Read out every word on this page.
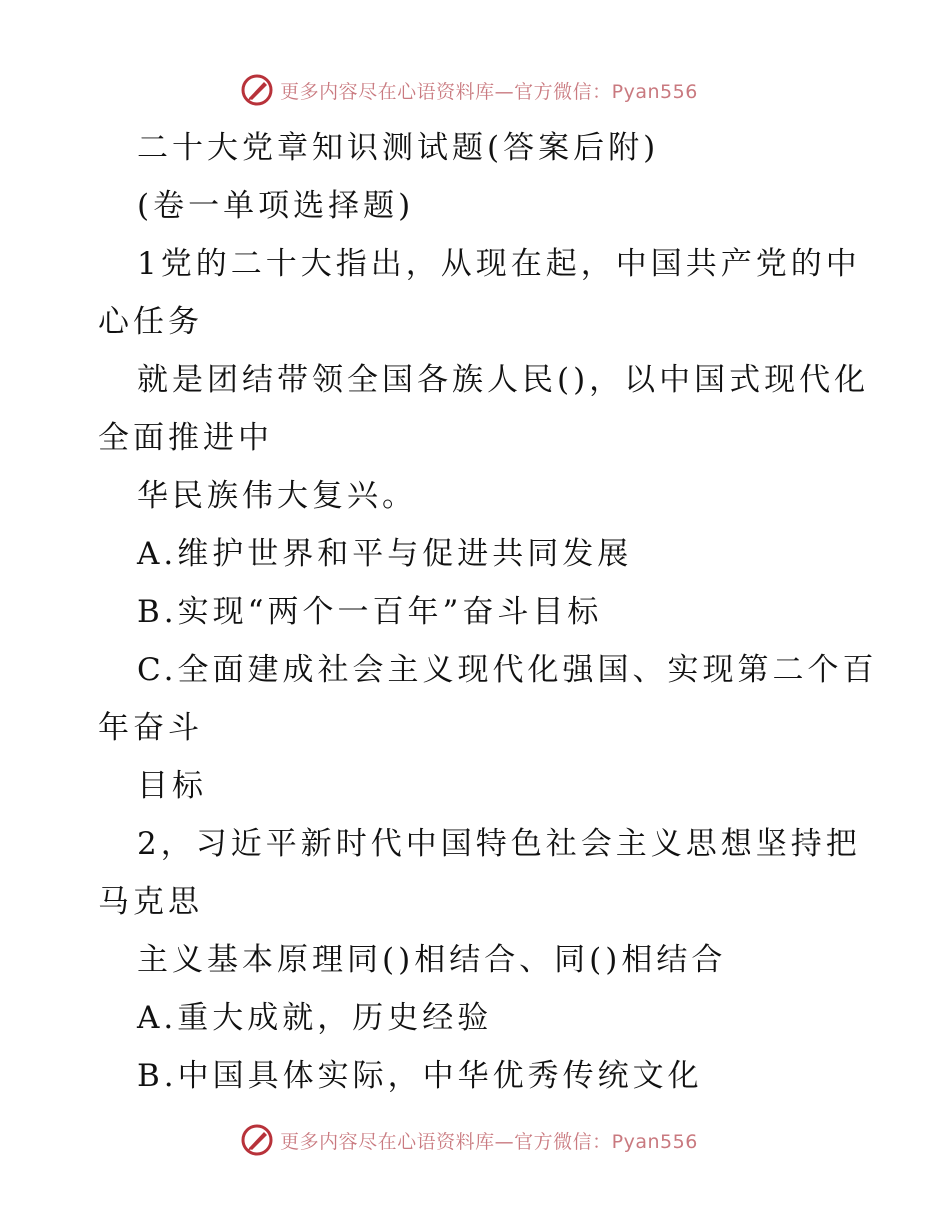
更多内容尽在心语资料库—官方微信：Pyan556
二十大党章知识测试题(答案后附)
(卷一单项选择题)
1党的二十大指出，从现在起，中国共产党的中
心任务
就是团结带领全国各族人民()，以中国式现代化
全面推进中
华民族伟大复兴。
A.维护世界和平与促进共同发展
B.实现“两个一百年”奋斗目标
C.全面建成社会主义现代化强国、实现第二个百
年奋斗
目标
2，习近平新时代中国特色社会主义思想坚持把
马克思
主义基本原理同()相结合、同()相结合
A.重大成就，历史经验
B.中国具体实际，中华优秀传统文化
更多内容尽在心语资料库—官方微信：Pyan556
